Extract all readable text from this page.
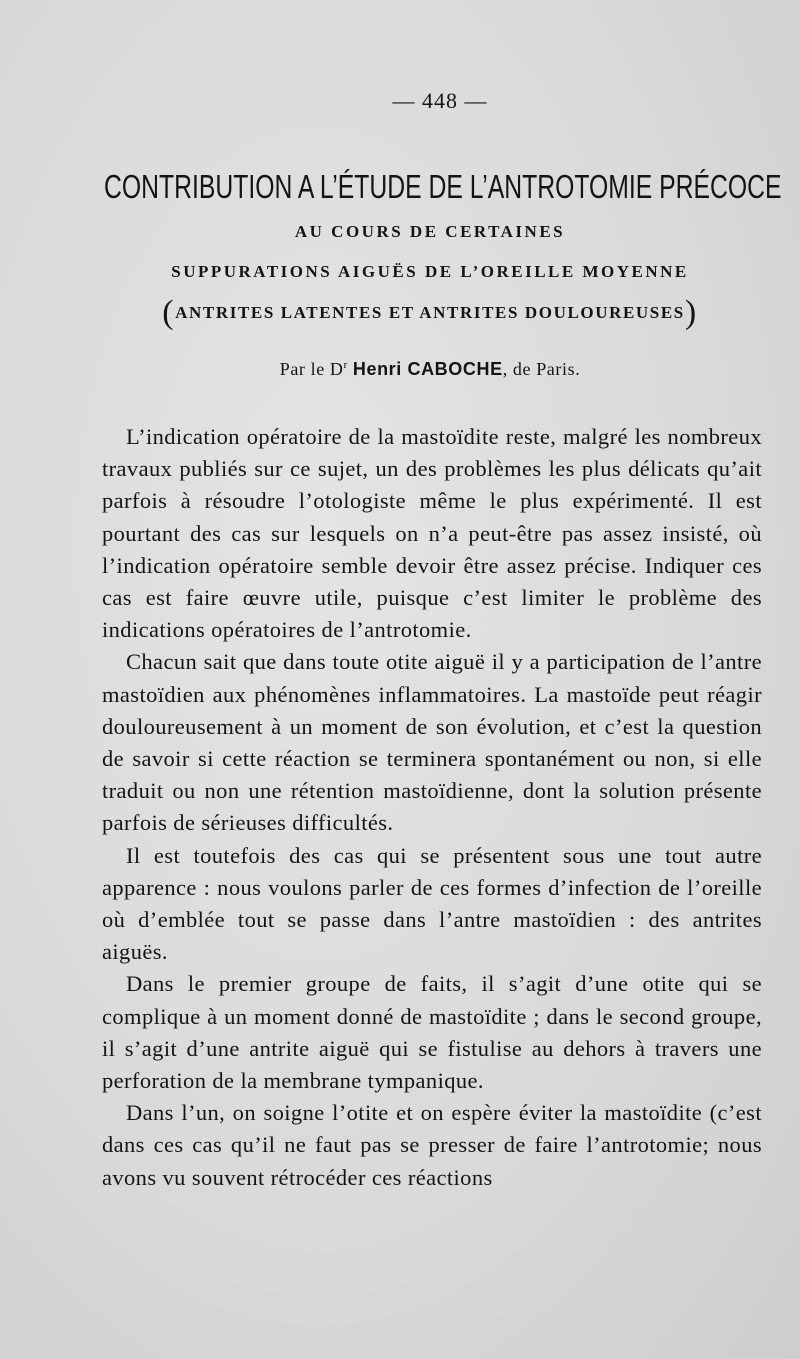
— 448 —
CONTRIBUTION A L’ÉTUDE DE L’ANTROTOMIE PRÉCOCE
AU COURS DE CERTAINES
SUPPURATIONS AIGUËS DE L’OREILLE MOYENNE
(ANTRITES LATENTES ET ANTRITES DOULOUREUSES)
Par le $D^r$ Henri CABOCHE, de Paris.

L’indication opératoire de la mastoïdite reste, malgré les nombreux travaux publiés sur ce sujet, un des problèmes les plus délicats qu’ait parfois à résoudre l’otologiste même le plus expérimenté. Il est pourtant des cas sur lesquels on n’a peut-être pas assez insisté, où l’indication opératoire semble devoir être assez précise. Indiquer ces cas est faire œuvre utile, puisque c’est limiter le problème des indications opératoires de l’antrotomie.

Chacun sait que dans toute otite aiguë il y a participation de l’antre mastoïdien aux phénomènes inflammatoires. La mastoïde peut réagir douloureusement à un moment de son évolution, et c’est la question de savoir si cette réaction se terminera spontanément ou non, si elle traduit ou non une rétention mastoïdienne, dont la solution présente parfois de sérieuses difficultés.

Il est toutefois des cas qui se présentent sous une tout autre apparence : nous voulons parler de ces formes d’infection de l’oreille où d’emblée tout se passe dans l’antre mastoïdien : des antrites aiguës.

Dans le premier groupe de faits, il s’agit d’une otite qui se complique à un moment donné de mastoïdite ; dans le second groupe, il s’agit d’une antrite aiguë qui se fistulise au dehors à travers une perforation de la membrane tympanique.

Dans l’un, on soigne l’otite et on espère éviter la mastoïdite (c’est dans ces cas qu’il ne faut pas se presser de faire l’antrotomie; nous avons vu souvent rétrocéder ces réactions
